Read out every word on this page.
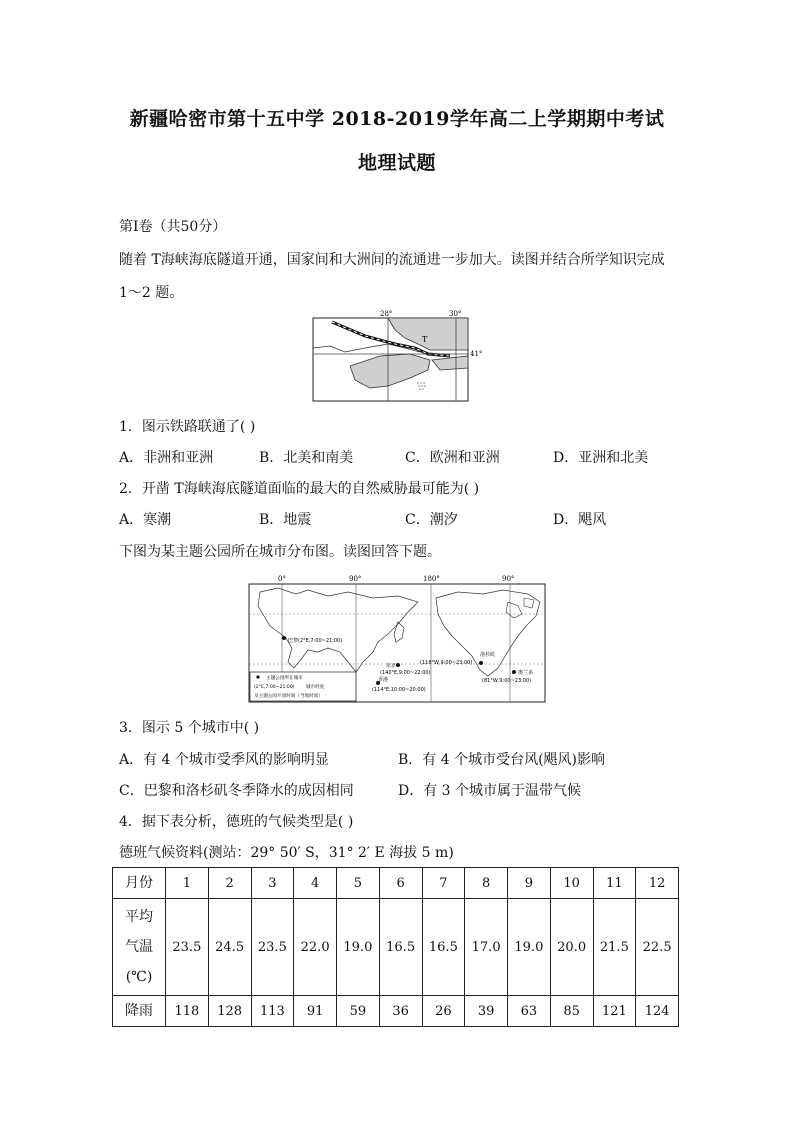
新疆哈密市第十五中学 2018-2019学年高二上学期期中考试
地理试题
第Ⅰ卷（共50分）
随着 T海峡海底隧道开通，国家间和大洲间的流通进一步加大。读图并结合所学知识完成
1～2 题。
28°	30°
41°
T
1．图示铁路联通了( )
A．非洲和亚洲	B．北美和南美	C．欧洲和亚洲	D．亚洲和北美
2．开凿 T海峡海底隧道面临的最大的自然威胁最可能为( )
A．寒潮	B．地震	C．潮汐	D．飓风
下图为某主题公园所在城市分布图。读图回答下题。
0°	90°	180°	90°
巴黎(2°E,7:00~21:00)
东京
(140°E,9:00~22:00)
洛杉矶
(118°W,9:00~23:00)
香港
(114°E,10:00~20:00)
奥兰多
(81°W,9:00~23:00)
主题公园所在城市
(2°E,7:00~21:00) 城市经度
及主题公园开放时间（当地时间）
3．图示 5 个城市中( )
A．有 4 个城市受季风的影响明显	B．有 4 个城市受台风(飓风)影响
C．巴黎和洛杉矶冬季降水的成因相同	D．有 3 个城市属于温带气候
4．据下表分析，德班的气候类型是( )
德班气候资料(测站：29° 50′ S，31° 2′ E 海拔 5 m)
月份	1	2	3	4	5	6	7	8	9	10	11	12

平均
气温
(℃)	23.5	24.5	23.5	22.0	19.0	16.5	16.5	17.0	19.0	20.0	21.5	22.5
降雨	118	128	113	91	59	36	26	39	63	85	121	124
